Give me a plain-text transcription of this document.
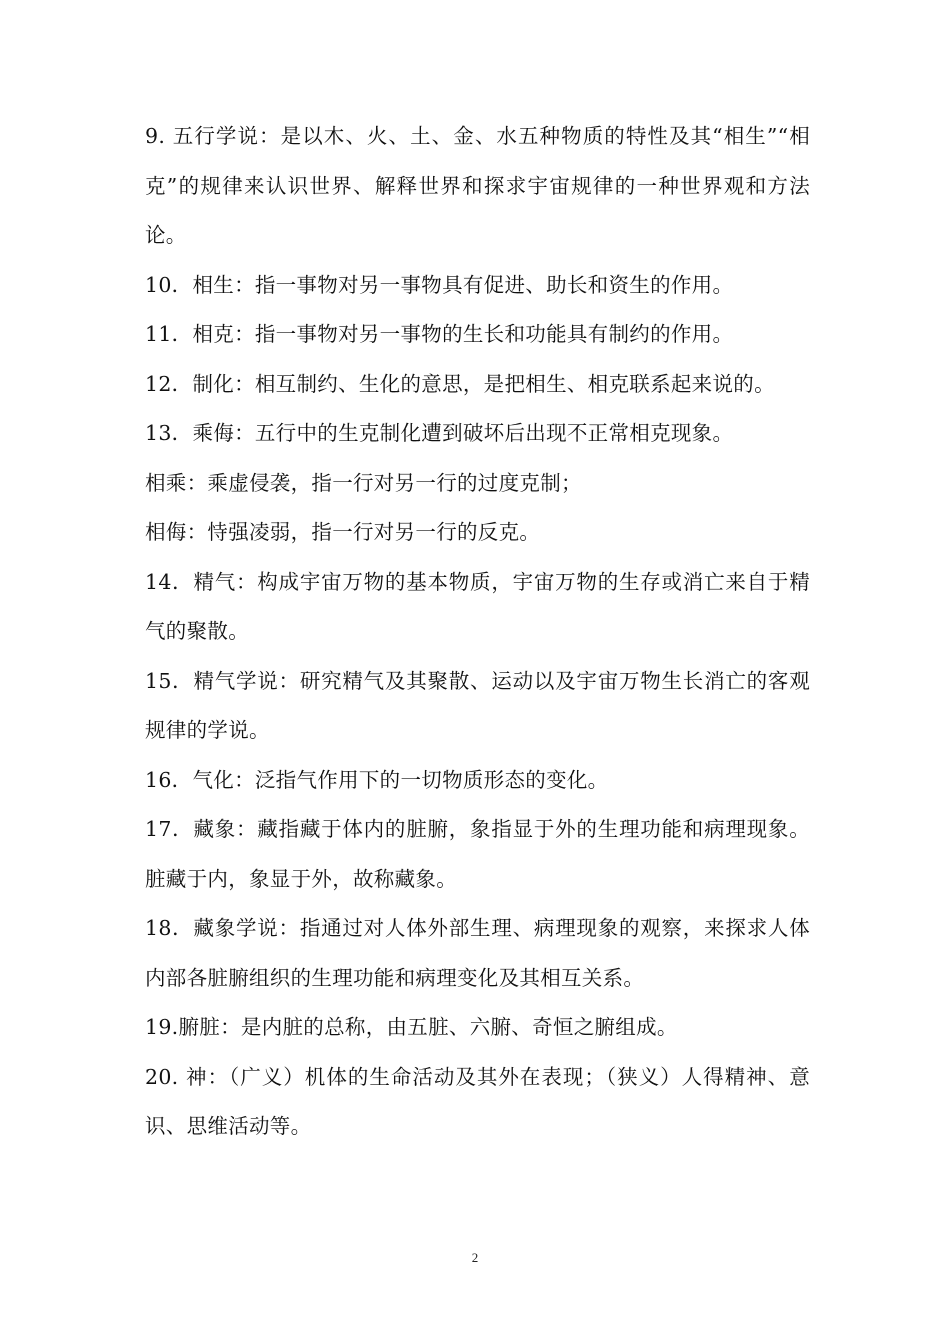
9. 五行学说：是以木、火、土、金、水五种物质的特性及其“相生”“相克”的规律来认识世界、解释世界和探求宇宙规律的一种世界观和方法论。

10．相生：指一事物对另一事物具有促进、助长和资生的作用。

11．相克：指一事物对另一事物的生长和功能具有制约的作用。

12．制化：相互制约、生化的意思，是把相生、相克联系起来说的。

13．乘侮：五行中的生克制化遭到破坏后出现不正常相克现象。

相乘：乘虚侵袭，指一行对另一行的过度克制；

相侮：恃强凌弱，指一行对另一行的反克。

14．精气：构成宇宙万物的基本物质，宇宙万物的生存或消亡来自于精气的聚散。

15．精气学说：研究精气及其聚散、运动以及宇宙万物生长消亡的客观规律的学说。

16．气化：泛指气作用下的一切物质形态的变化。

17．藏象：藏指藏于体内的脏腑，象指显于外的生理功能和病理现象。脏藏于内，象显于外，故称藏象。

18．藏象学说：指通过对人体外部生理、病理现象的观察，来探求人体内部各脏腑组织的生理功能和病理变化及其相互关系。

19.腑脏：是内脏的总称，由五脏、六腑、奇恒之腑组成。

20. 神：（广义）机体的生命活动及其外在表现；（狭义）人得精神、意识、思维活动等。

2
